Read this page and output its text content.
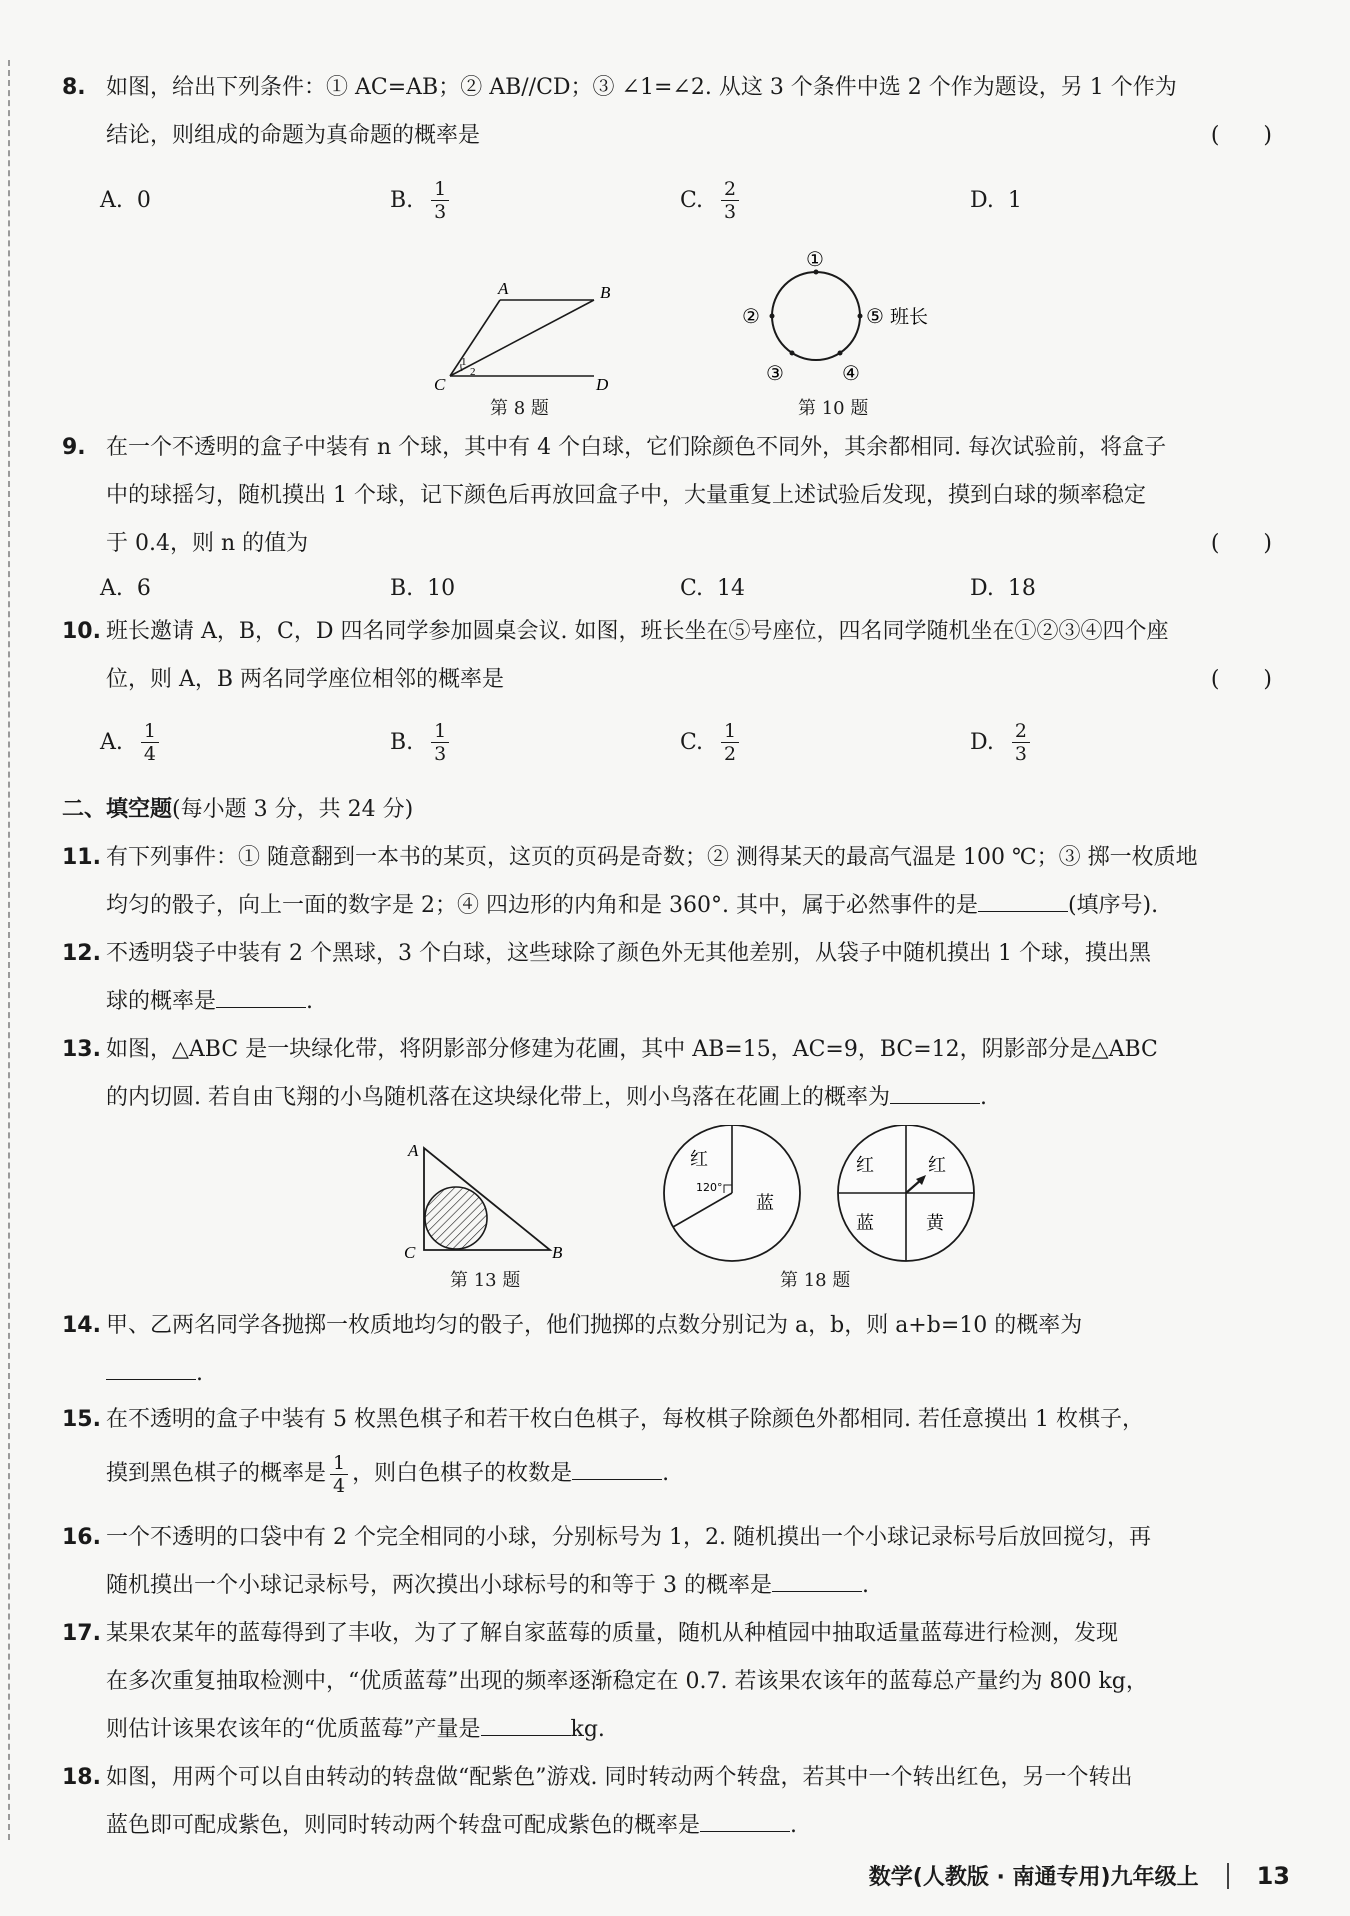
8. 如图，给出下列条件：① AC=AB；② AB//CD；③ ∠1=∠2. 从这 3 个条件中选 2 个作为题设，另 1 个作为
结论，则组成的命题为真命题的概率是	(　　)
A. 0	B. $\frac{1}{3}$	C. $\frac{2}{3}$	D. 1
A	B
C	D
1
2
第 8 题
①
②	⑤ 班长
③	④
第 10 题
9. 在一个不透明的盒子中装有 n 个球，其中有 4 个白球，它们除颜色不同外，其余都相同. 每次试验前，将盒子
中的球摇匀，随机摸出 1 个球，记下颜色后再放回盒子中，大量重复上述试验后发现，摸到白球的频率稳定
于 0.4，则 n 的值为	(　　)
A. 6	B. 10	C. 14	D. 18
10. 班长邀请 A，B，C，D 四名同学参加圆桌会议. 如图，班长坐在⑤号座位，四名同学随机坐在①②③④四个座
位，则 A，B 两名同学座位相邻的概率是	(　　)
A. $\frac{1}{4}$	B. $\frac{1}{3}$	C. $\frac{1}{2}$	D. $\frac{2}{3}$
二、填空题(每小题 3 分，共 24 分)
11. 有下列事件：① 随意翻到一本书的某页，这页的页码是奇数；② 测得某天的最高气温是 100 ℃；③ 掷一枚质地
均匀的骰子，向上一面的数字是 2；④ 四边形的内角和是 360°. 其中，属于必然事件的是	(填序号).
12. 不透明袋子中装有 2 个黑球，3 个白球，这些球除了颜色外无其他差别，从袋子中随机摸出 1 个球，摸出黑
球的概率是	.
13. 如图，△ABC 是一块绿化带，将阴影部分修建为花圃，其中 AB=15，AC=9，BC=12，阴影部分是△ABC
的内切圆. 若自由飞翔的小鸟随机落在这块绿化带上，则小鸟落在花圃上的概率为	.
A
C	B
第 13 题
红
蓝
120°
红	红
蓝	黄
第 18 题
14. 甲、乙两名同学各抛掷一枚质地均匀的骰子，他们抛掷的点数分别记为 a，b，则 a+b=10 的概率为
.
15. 在不透明的盒子中装有 5 枚黑色棋子和若干枚白色棋子，每枚棋子除颜色外都相同. 若任意摸出 1 枚棋子，
摸到黑色棋子的概率是 $\frac{1}{4}$ ，则白色棋子的枚数是	.
16. 一个不透明的口袋中有 2 个完全相同的小球，分别标号为 1，2. 随机摸出一个小球记录标号后放回搅匀，再
随机摸出一个小球记录标号，两次摸出小球标号的和等于 3 的概率是	.
17. 某果农某年的蓝莓得到了丰收，为了了解自家蓝莓的质量，随机从种植园中抽取适量蓝莓进行检测，发现
在多次重复抽取检测中，“优质蓝莓”出现的频率逐渐稳定在 0.7. 若该果农该年的蓝莓总产量约为 800 kg，
则估计该果农该年的“优质蓝莓”产量是	kg.
18. 如图，用两个可以自由转动的转盘做“配紫色”游戏. 同时转动两个转盘，若其中一个转出红色，另一个转出
蓝色即可配成紫色，则同时转动两个转盘可配成紫色的概率是	.
数学(人教版 · 南通专用)九年级上 13
